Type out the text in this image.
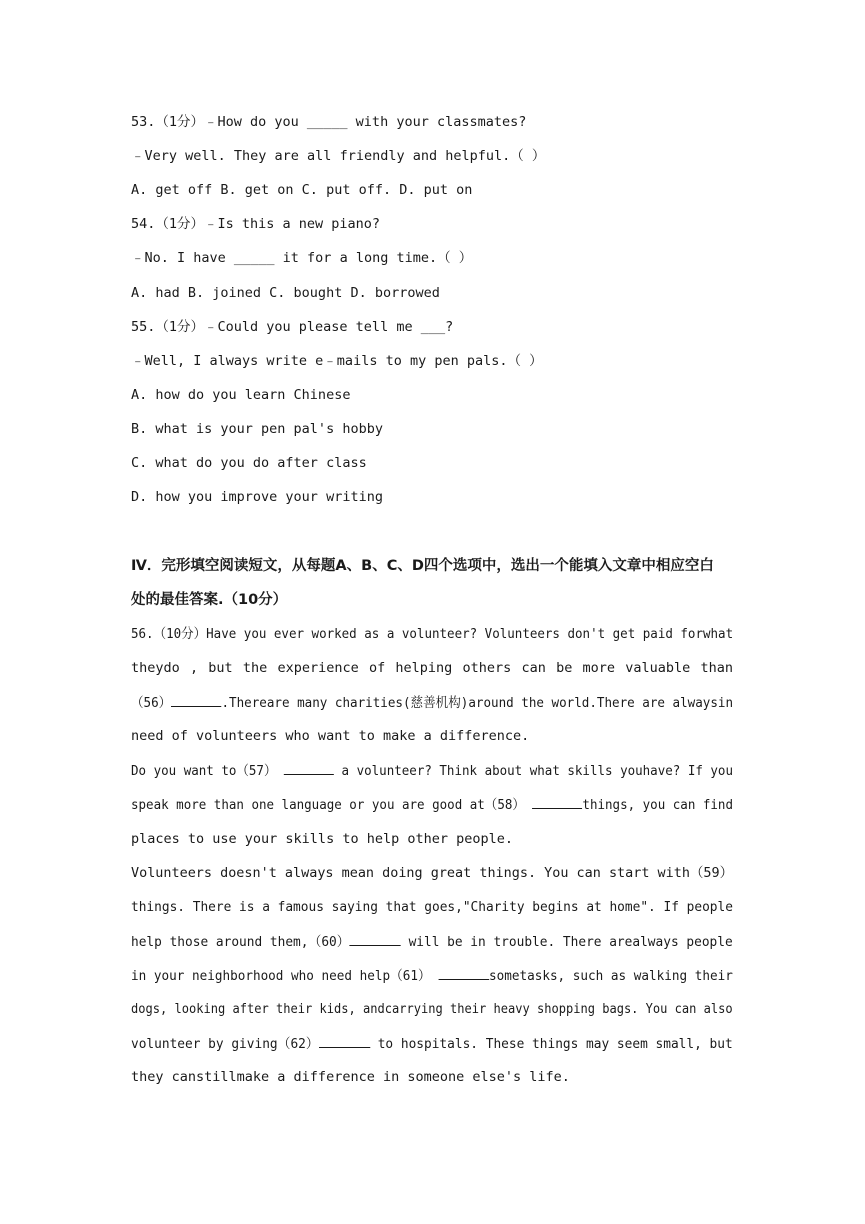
53.（1分）﹣How do you _____ with your classmates?
﹣Very well. They are all friendly and helpful.（ ）
A. get off B. get on C. put off. D. put on
54.（1分）﹣Is this a new piano?
﹣No. I have _____ it for a long time.（ ）
A. had B. joined C. bought D. borrowed
55.（1分）﹣Could you please tell me ___?
﹣Well, I always write e﹣mails to my pen pals.（ ）
A. how do you learn Chinese
B. what is your pen pal's hobby
C. what do you do after class
D. how you improve your writing
Ⅳ．完形填空阅读短文，从每题A、B、C、D四个选项中，选出一个能填入文章中相应空白
处的最佳答案.（10分）
56.（10分）Have you ever worked as a volunteer? Volunteers don't get paid forwhat
theydo , but the experience of helping others can be more valuable than
（56）	.Thereare many charities(慈善机构)around the world.There are alwaysin
need of volunteers who want to make a difference.
Do you want to（57）	a volunteer? Think about what skills youhave? If you
speak more than one language or you are good at（58）	things, you can find
places to use your skills to help other people.
Volunteers doesn't always mean doing great things. You can start with（59）
things. There is a famous saying that goes,"Charity begins at home". If people
help those around them,（60）	will be in trouble. There arealways people
in your neighborhood who need help（61）	sometasks, such as walking their
dogs, looking after their kids, andcarrying their heavy shopping bags. You can also
volunteer by giving（62）	to hospitals. These things may seem small, but
they canstillmake a difference in someone else's life.
